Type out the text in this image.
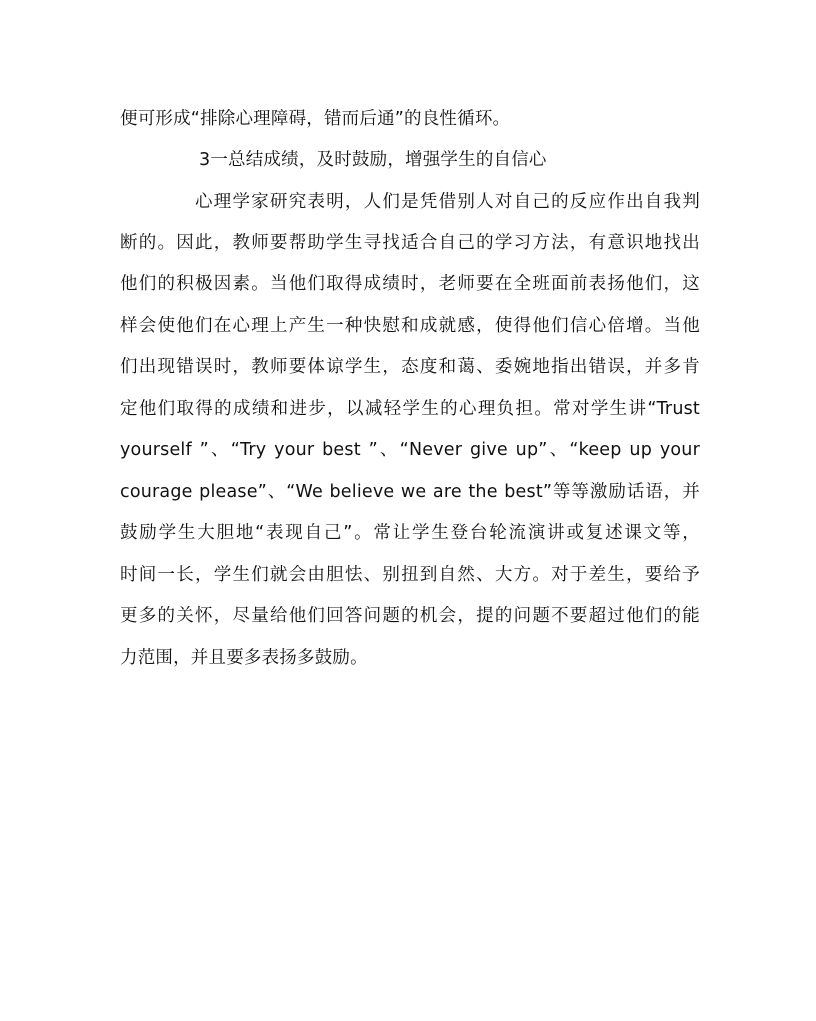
便可形成“排除心理障碍，错而后通”的良性循环。
3一总结成绩，及时鼓励，增强学生的自信心
心理学家研究表明，人们是凭借别人对自己的反应作出自我判
断的。因此，教师要帮助学生寻找适合自己的学习方法，有意识地找出
他们的积极因素。当他们取得成绩时，老师要在全班面前表扬他们，这
样会使他们在心理上产生一种快慰和成就感，使得他们信心倍增。当他
们出现错误时，教师要体谅学生，态度和蔼、委婉地指出错误，并多肯
定他们取得的成绩和进步，以减轻学生的心理负担。常对学生讲“Trust
yourself ”、“Try your best ”、“Never give up”、“keep up your
courage please”、“We believe we are the best”等等激励话语，并
鼓励学生大胆地“表现自己”。常让学生登台轮流演讲或复述课文等，
时间一长，学生们就会由胆怯、别扭到自然、大方。对于差生，要给予
更多的关怀，尽量给他们回答问题的机会，提的问题不要超过他们的能
力范围，并且要多表扬多鼓励。
